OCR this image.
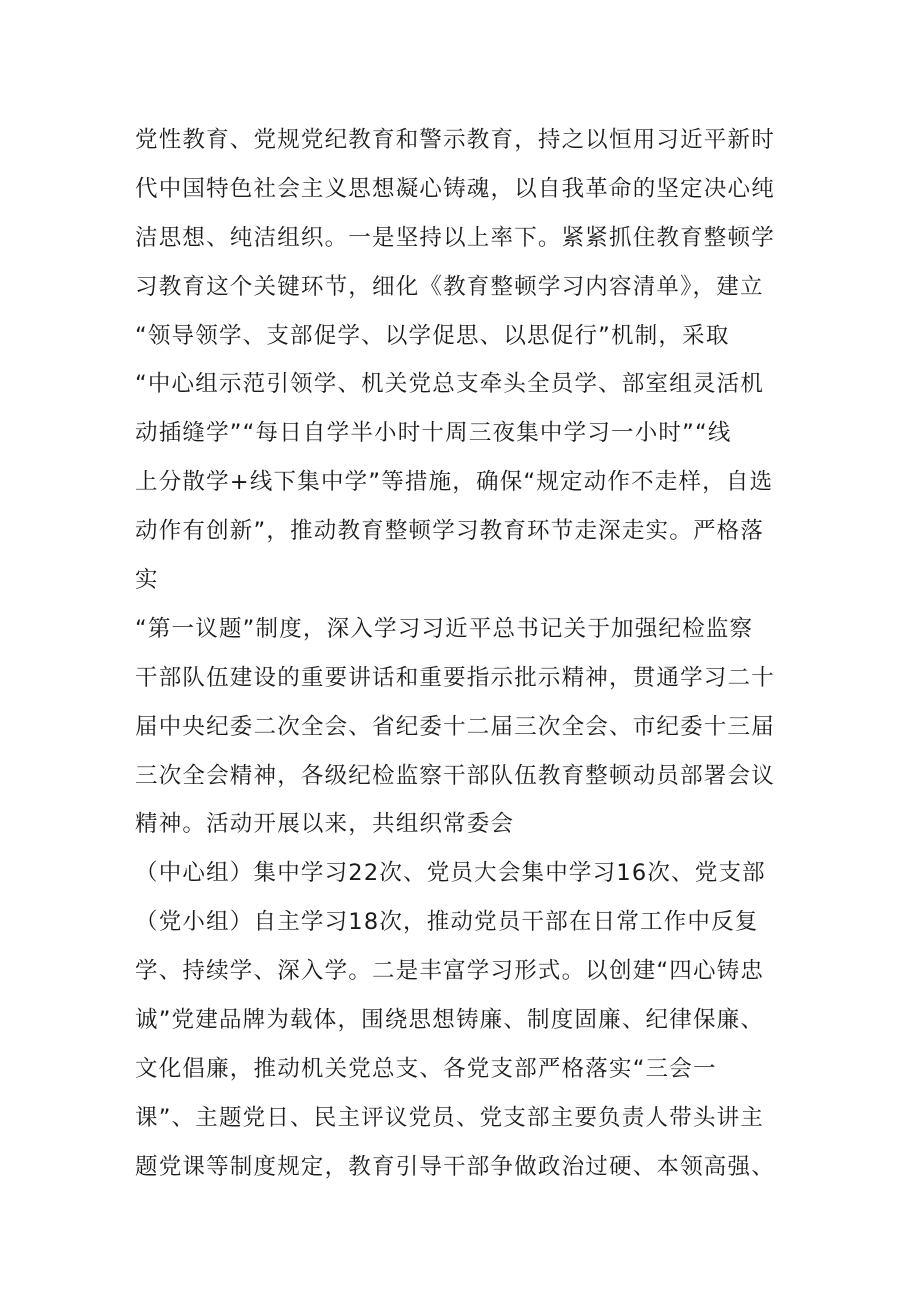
党性教育、党规党纪教育和警示教育，持之以恒用习近平新时
代中国特色社会主义思想凝心铸魂，以自我革命的坚定决心纯
洁思想、纯洁组织。一是坚持以上率下。紧紧抓住教育整顿学
习教育这个关键环节，细化《教育整顿学习内容清单》，建立
“领导领学、支部促学、以学促思、以思促行”机制，采取
“中心组示范引领学、机关党总支牵头全员学、部室组灵活机
动插缝学”“每日自学半小时十周三夜集中学习一小时”“线
上分散学+线下集中学”等措施，确保“规定动作不走样，自选
动作有创新”，推动教育整顿学习教育环节走深走实。严格落
实
“第一议题”制度，深入学习习近平总书记关于加强纪检监察
干部队伍建设的重要讲话和重要指示批示精神，贯通学习二十
届中央纪委二次全会、省纪委十二届三次全会、市纪委十三届
三次全会精神，各级纪检监察干部队伍教育整顿动员部署会议
精神。活动开展以来，共组织常委会
（中心组）集中学习22次、党员大会集中学习16次、党支部
（党小组）自主学习18次，推动党员干部在日常工作中反复
学、持续学、深入学。二是丰富学习形式。以创建“四心铸忠
诚”党建品牌为载体，围绕思想铸廉、制度固廉、纪律保廉、
文化倡廉，推动机关党总支、各党支部严格落实“三会一
课”、主题党日、民主评议党员、党支部主要负责人带头讲主
题党课等制度规定，教育引导干部争做政治过硬、本领高强、
